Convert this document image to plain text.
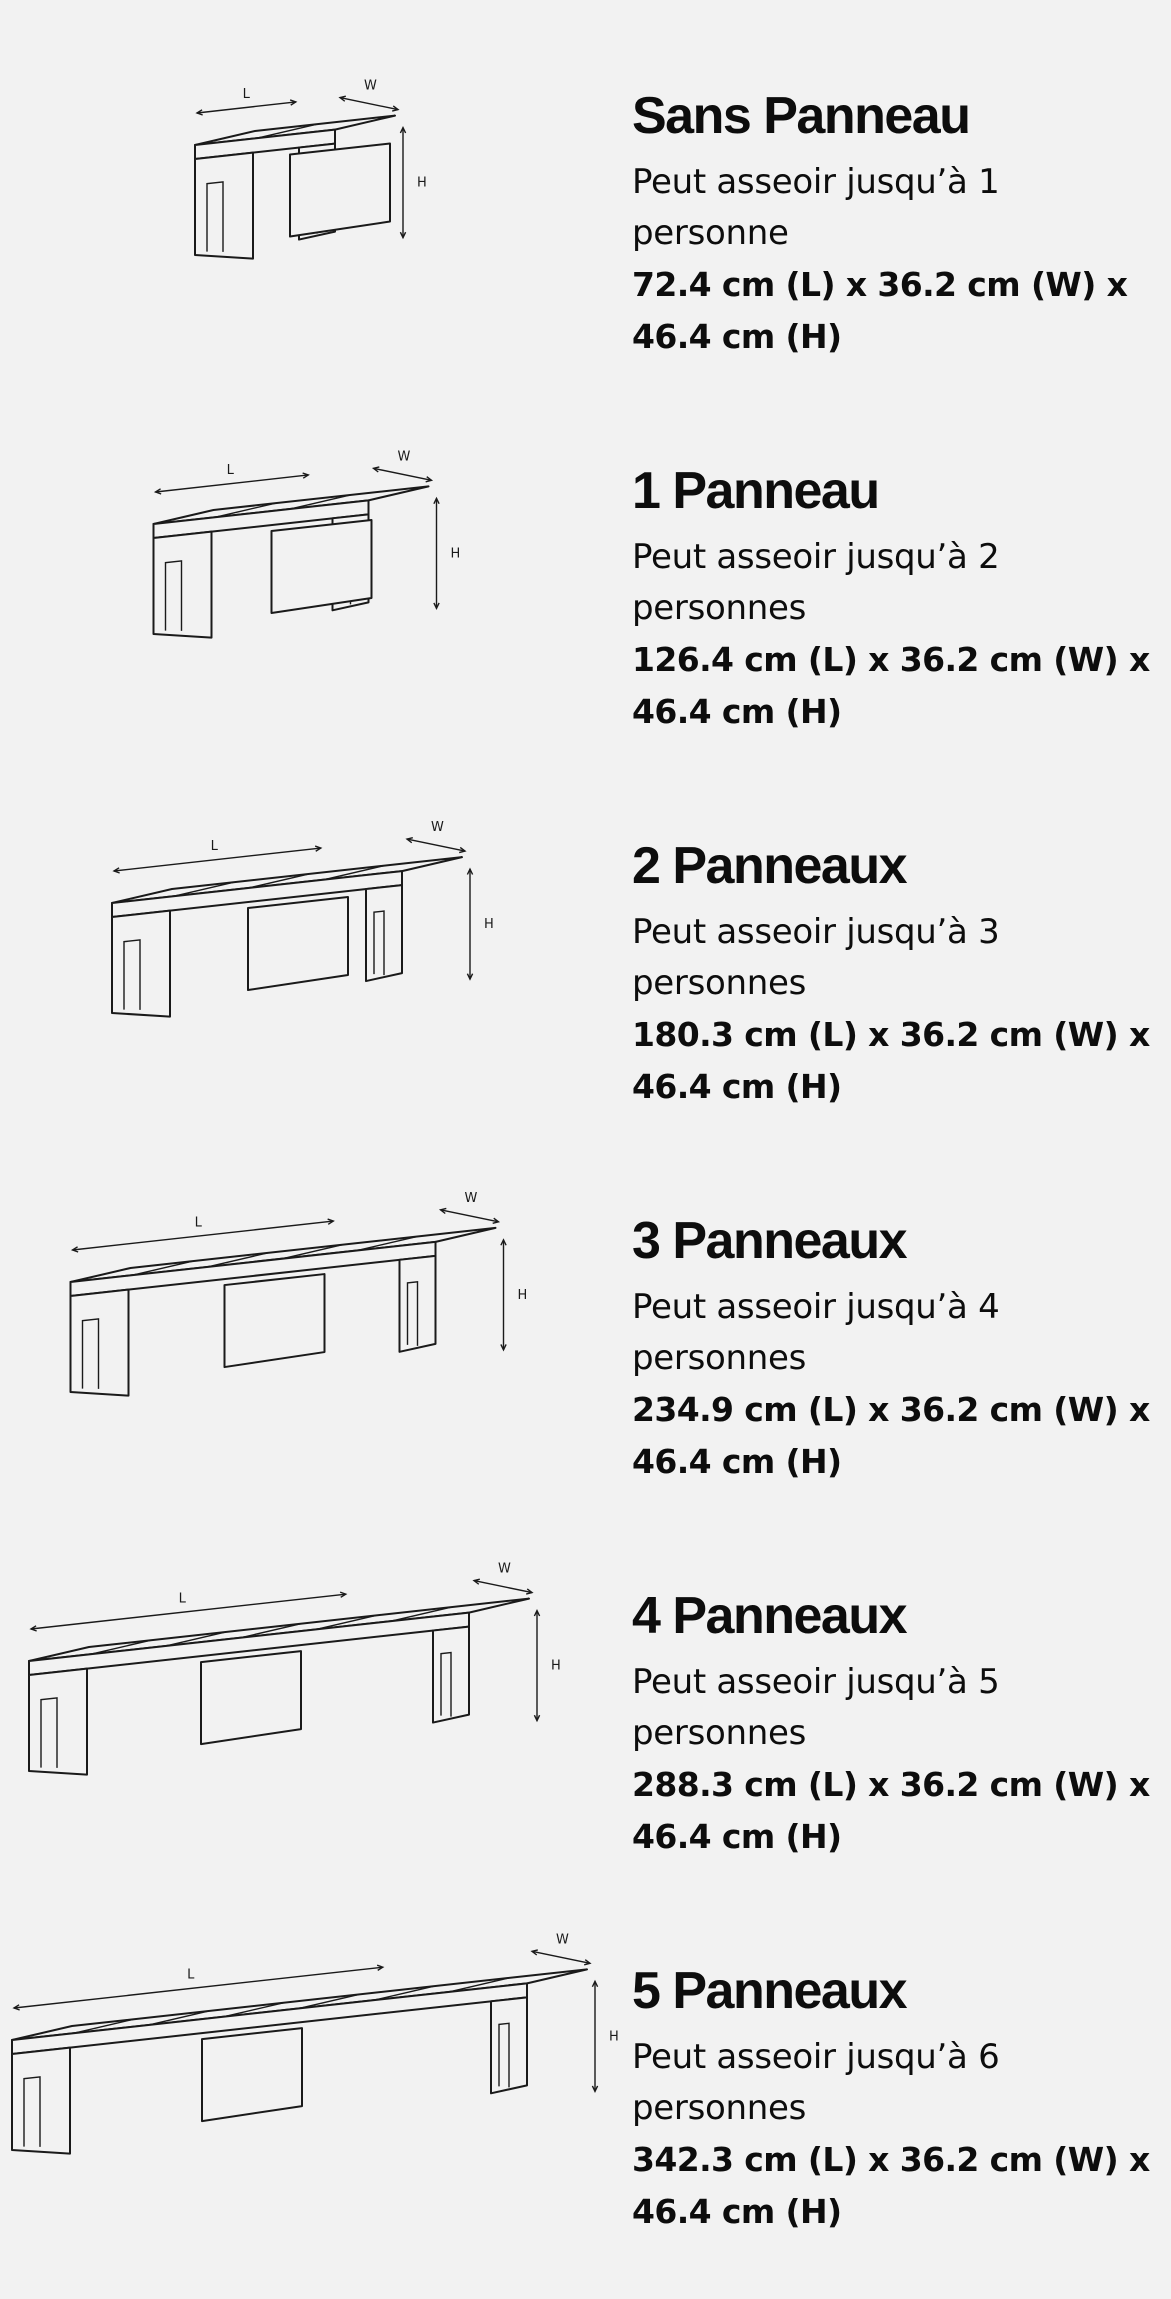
L
W
H
Sans Panneau

Peut asseoir jusqu’à 1 personne

72.4 cm (L) x 36.2 cm (W) x 46.4 cm (H)

L
W
H
1 Panneau

Peut asseoir jusqu’à 2 personnes

126.4 cm (L) x 36.2 cm (W) x 46.4 cm (H)

L
W
H
2 Panneaux

Peut asseoir jusqu’à 3 personnes

180.3 cm (L) x 36.2 cm (W) x 46.4 cm (H)

L
W
H
3 Panneaux

Peut asseoir jusqu’à 4 personnes

234.9 cm (L) x 36.2 cm (W) x 46.4 cm (H)

L
W
H
4 Panneaux

Peut asseoir jusqu’à 5 personnes

288.3 cm (L) x 36.2 cm (W) x 46.4 cm (H)

L
W
H
5 Panneaux

Peut asseoir jusqu’à 6 personnes

342.3 cm (L) x 36.2 cm (W) x 46.4 cm (H)
